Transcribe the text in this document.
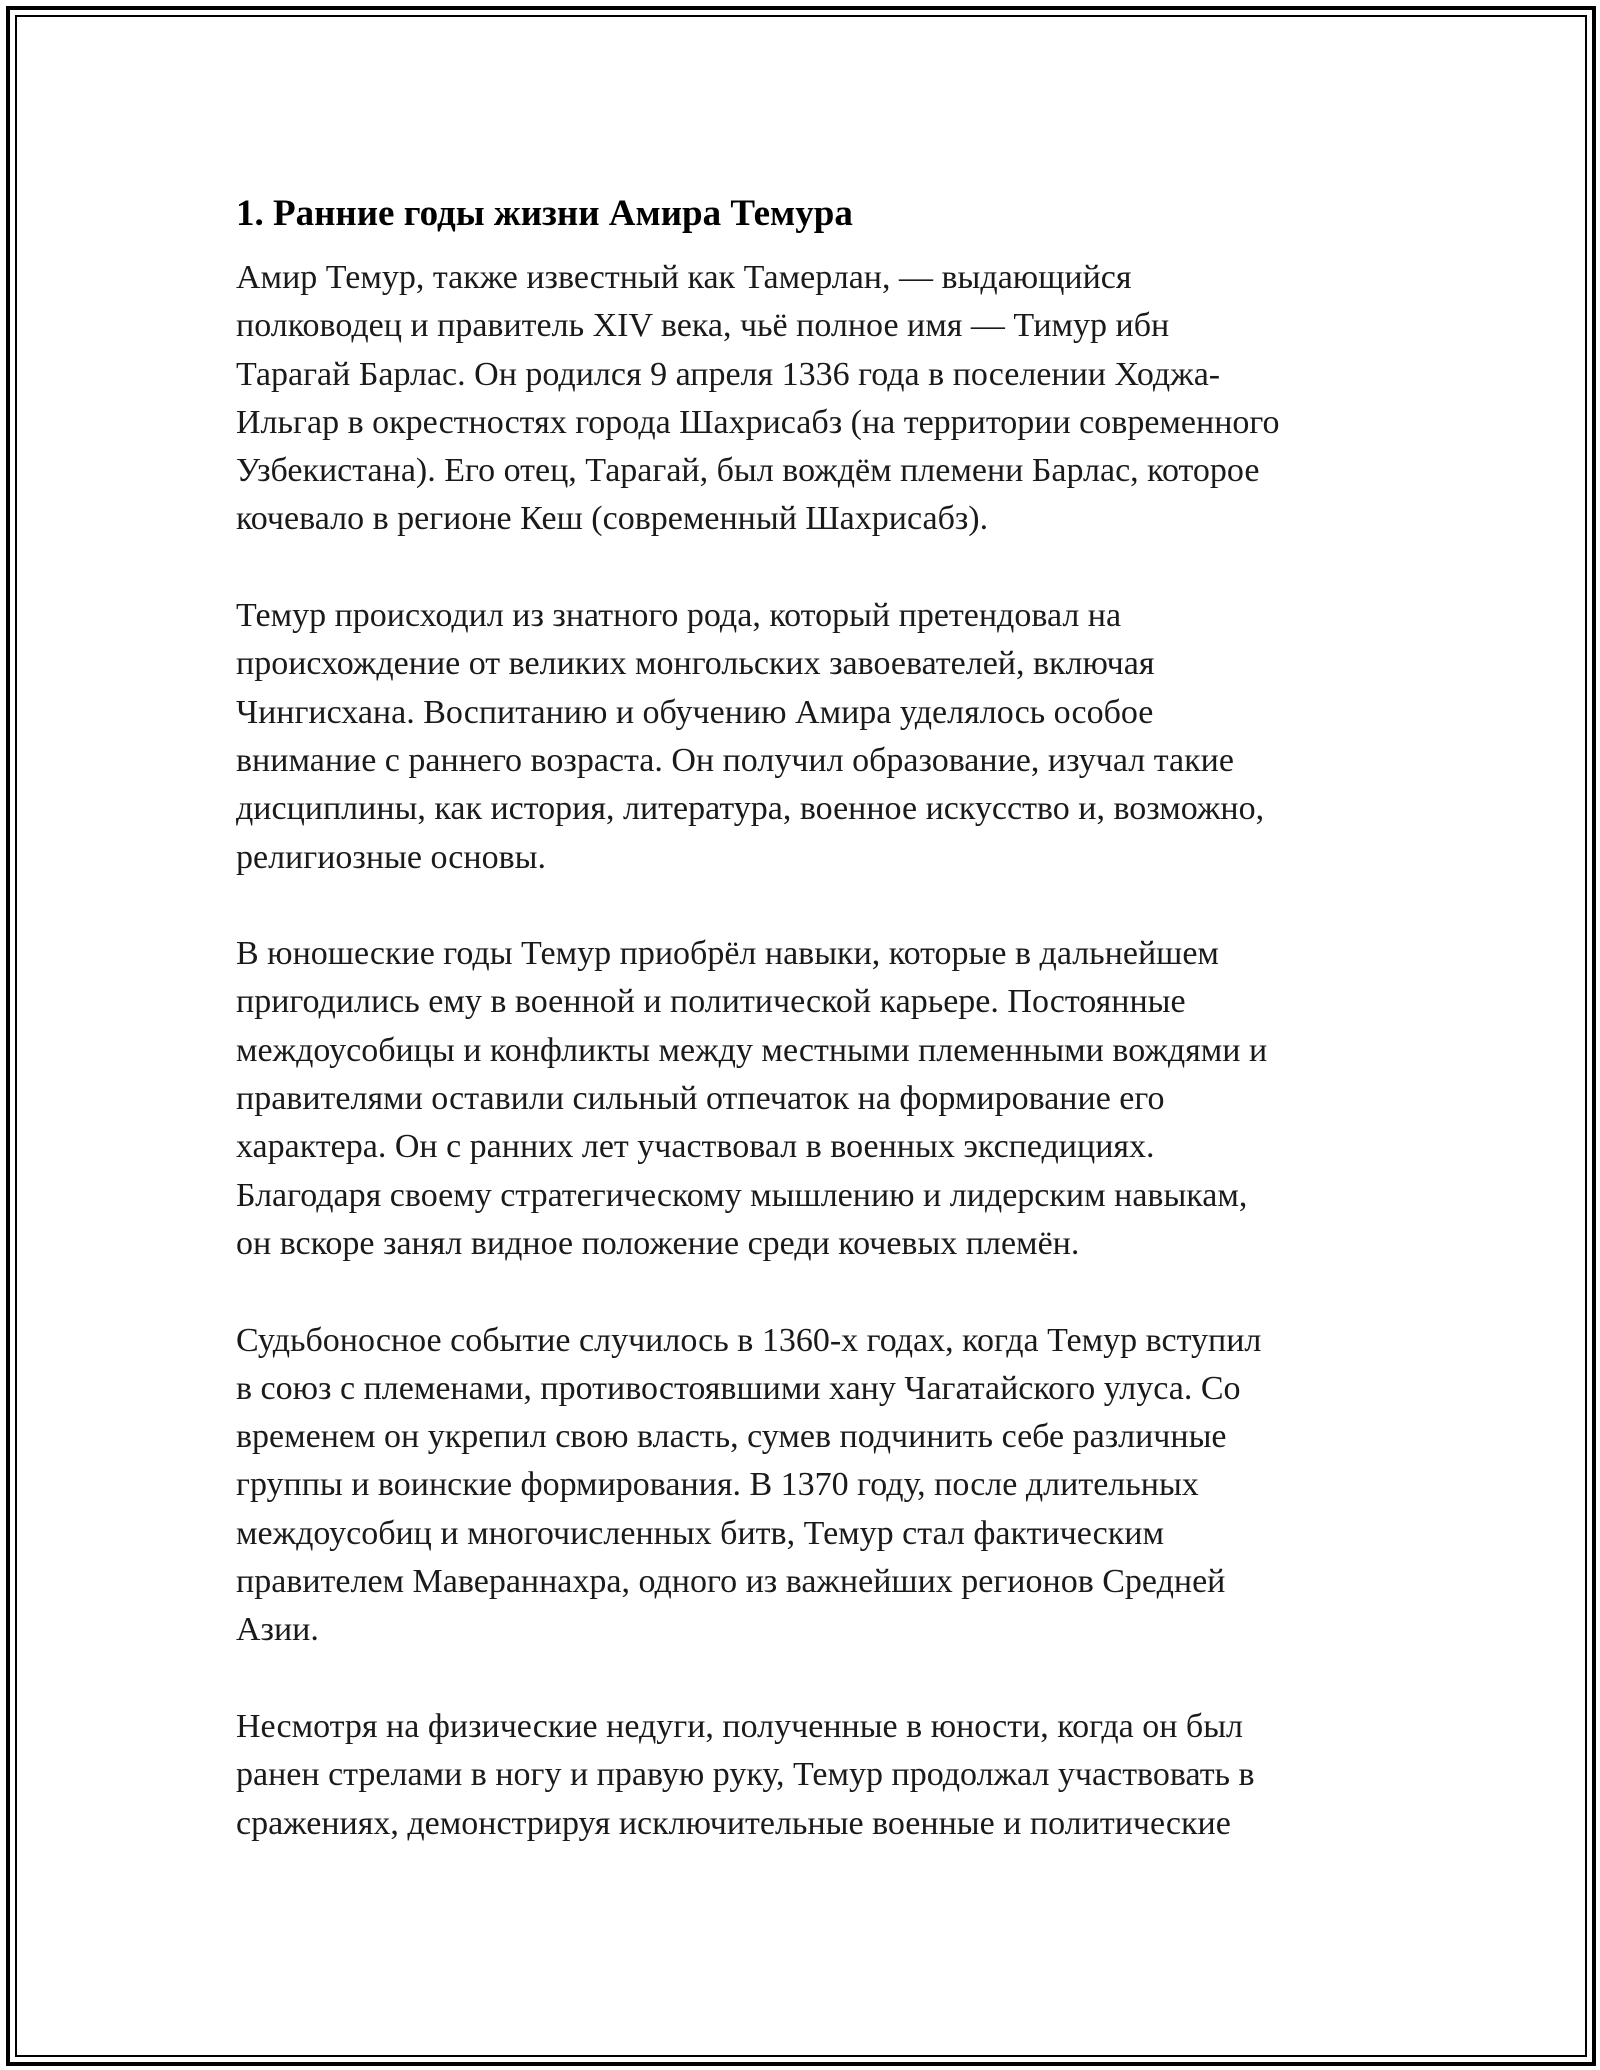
1. Ранние годы жизни Амира Темура

Амир Темур, также известный как Тамерлан, — выдающийся
полководец и правитель XIV века, чьё полное имя — Тимур ибн
Тарагай Барлас. Он родился 9 апреля 1336 года в поселении Ходжа-
Ильгар в окрестностях города Шахрисабз (на территории современного
Узбекистана). Его отец, Тарагай, был вождём племени Барлас, которое
кочевало в регионе Кеш (современный Шахрисабз).

Темур происходил из знатного рода, который претендовал на
происхождение от великих монгольских завоевателей, включая
Чингисхана. Воспитанию и обучению Амира уделялось особое
внимание с раннего возраста. Он получил образование, изучал такие
дисциплины, как история, литература, военное искусство и, возможно,
религиозные основы.

В юношеские годы Темур приобрёл навыки, которые в дальнейшем
пригодились ему в военной и политической карьере. Постоянные
междоусобицы и конфликты между местными племенными вождями и
правителями оставили сильный отпечаток на формирование его
характера. Он с ранних лет участвовал в военных экспедициях.
Благодаря своему стратегическому мышлению и лидерским навыкам,
он вскоре занял видное положение среди кочевых племён.

Судьбоносное событие случилось в 1360-х годах, когда Темур вступил
в союз с племенами, противостоявшими хану Чагатайского улуса. Со
временем он укрепил свою власть, сумев подчинить себе различные
группы и воинские формирования. В 1370 году, после длительных
междоусобиц и многочисленных битв, Темур стал фактическим
правителем Мавераннахра, одного из важнейших регионов Средней
Азии.

Несмотря на физические недуги, полученные в юности, когда он был
ранен стрелами в ногу и правую руку, Темур продолжал участвовать в
сражениях, демонстрируя исключительные военные и политические
